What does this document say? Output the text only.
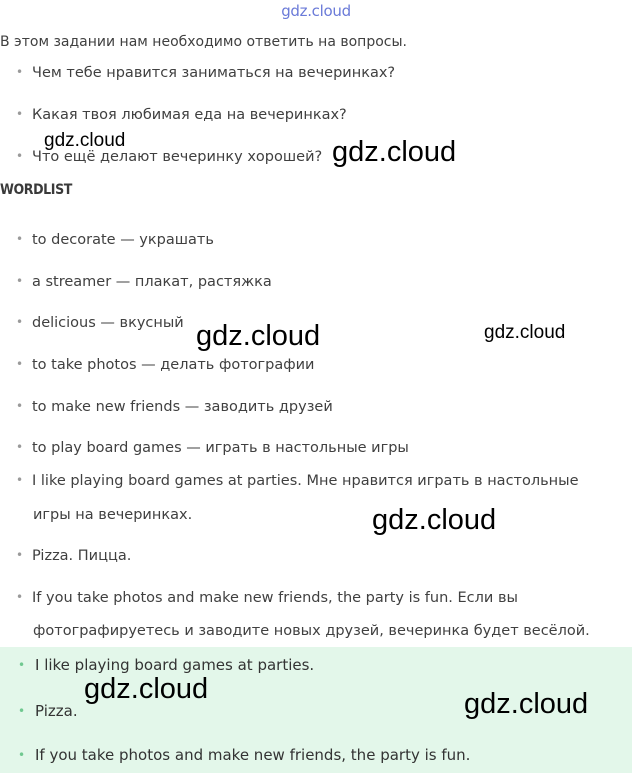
gdz.cloud
В этом задании нам необходимо ответить на вопросы.
• Чем тебе нравится заниматься на вечеринках?
• Какая твоя любимая еда на вечеринках?
• Что ещё делают вечеринку хорошей?
WORDLIST
• to decorate — украшать
• a streamer — плакат, растяжка
• delicious — вкусный
• to take photos — делать фотографии
• to make new friends — заводить друзей
• to play board games — играть в настольные игры
• I like playing board games at parties. Мне нравится играть в настольные
игры на вечеринках.
• Pizza. Пицца.
• If you take photos and make new friends, the party is fun. Если вы
фотографируетесь и заводите новых друзей, вечеринка будет весёлой.
• I like playing board games at parties.
• Pizza.
• If you take photos and make new friends, the party is fun.
gdz.cloud	gdz.cloud
gdz.cloud	gdz.cloud
gdz.cloud
gdz.cloud	gdz.cloud
